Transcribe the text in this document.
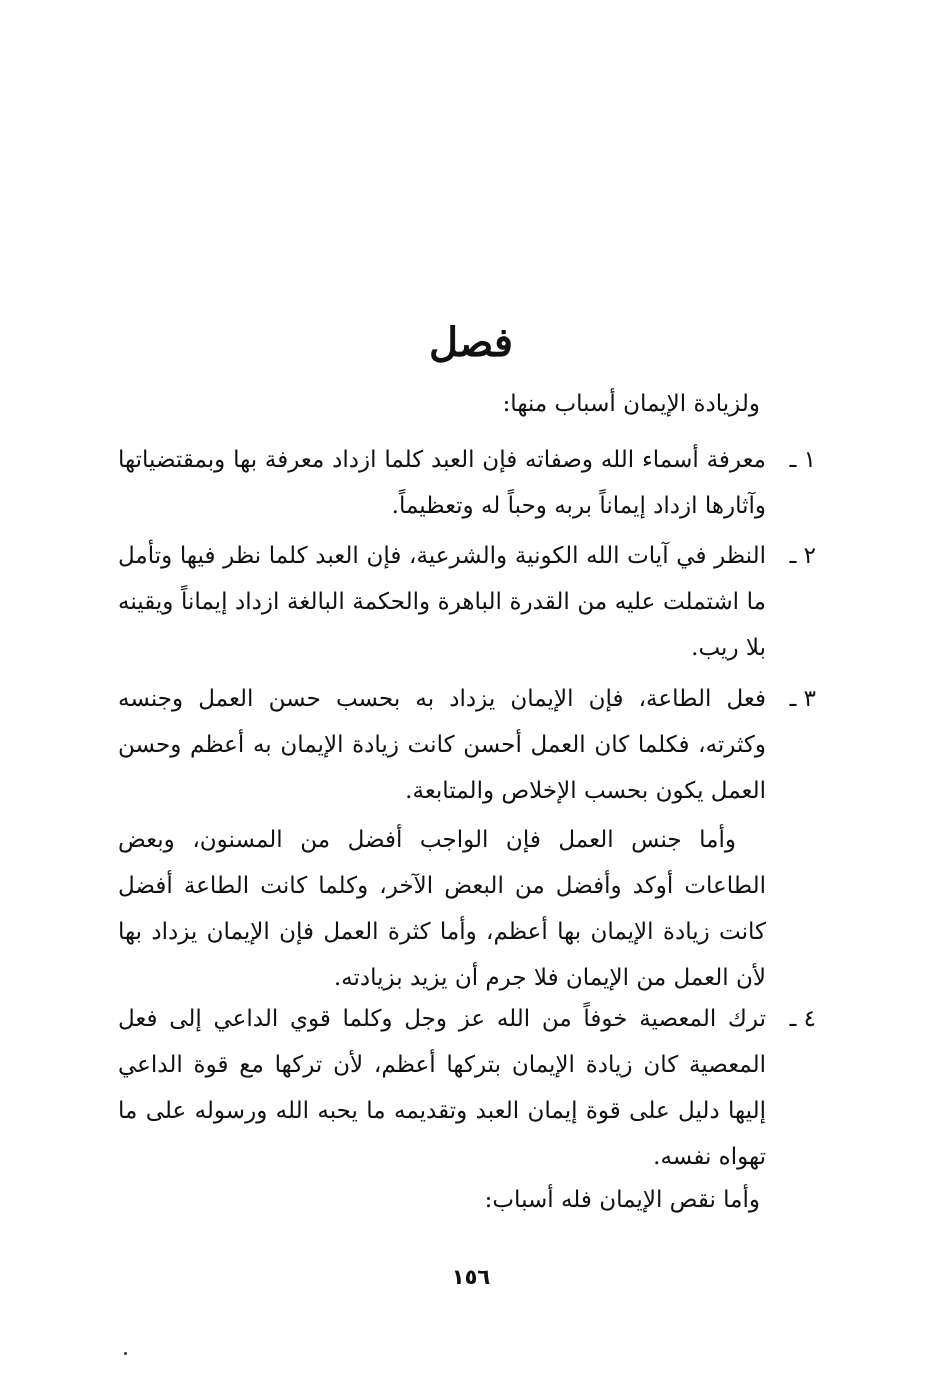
فصل
ولزيادة الإيمان أسباب منها:
١ ـ
معرفة أسماء الله وصفاته فإن العبد كلما ازداد معرفة بها وبمقتضياتها وآثارها ازداد إيماناً بربه وحباً له وتعظيماً.
٢ ـ
النظر في آيات الله الكونية والشرعية، فإن العبد كلما نظر فيها وتأمل ما اشتملت عليه من القدرة الباهرة والحكمة البالغة ازداد إيماناً ويقينه بلا ريب.
٣ ـ
فعل الطاعة، فإن الإيمان يزداد به بحسب حسن العمل وجنسه وكثرته، فكلما كان العمل أحسن كانت زيادة الإيمان به أعظم وحسن العمل يكون بحسب الإخلاص والمتابعة.
وأما جنس العمل فإن الواجب أفضل من المسنون، وبعض الطاعات أوكد وأفضل من البعض الآخر، وكلما كانت الطاعة أفضل كانت زيادة الإيمان بها أعظم، وأما كثرة العمل فإن الإيمان يزداد بها لأن العمل من الإيمان فلا جرم أن يزيد بزيادته.
٤ ـ
ترك المعصية خوفاً من الله عز وجل وكلما قوي الداعي إلى فعل المعصية كان زيادة الإيمان بتركها أعظم، لأن تركها مع قوة الداعي إليها دليل على قوة إيمان العبد وتقديمه ما يحبه الله ورسوله على ما تهواه نفسه.
وأما نقص الإيمان فله أسباب:
١٥٦
